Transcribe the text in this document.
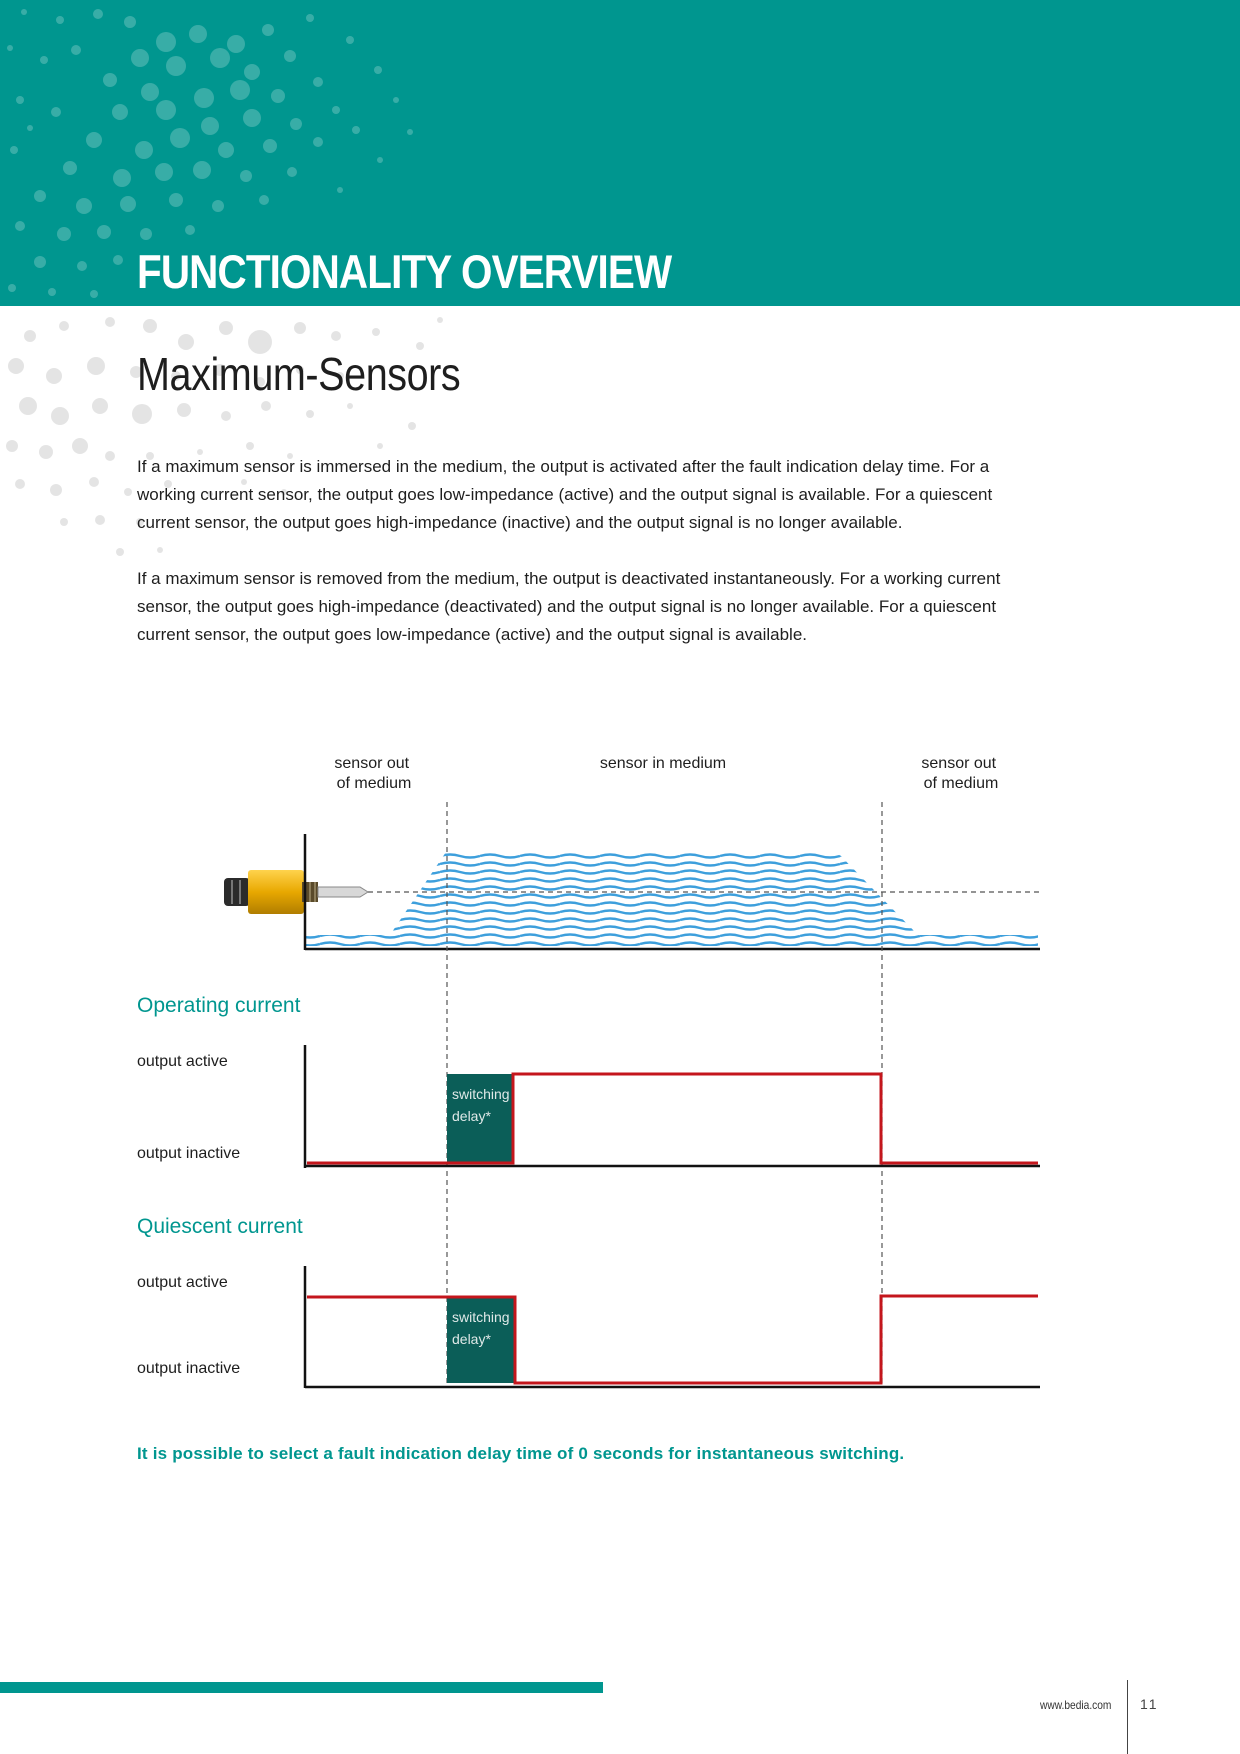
FUNCTIONALITY OVERVIEW
Maximum-Sensors

If a maximum sensor is immersed in the medium, the output is activated after the fault indication delay time. For a working current sensor, the output goes low-impedance (active) and the output signal is available. For a quiescent current sensor, the output goes high-impedance (inactive) and the output signal is no longer available.

If a maximum sensor is removed from the medium, the output is deactivated instantaneously. For a working current sensor, the output goes high-impedance (deactivated) and the output signal is no longer available. For a quiescent current sensor, the output goes low-impedance (active) and the output signal is available.

sensor out of medium
sensor in medium	sensor out of medium
Operating current
output active
output inactive
switching delay*
Quiescent current
output active
output inactive
switching delay*
It is possible to select a fault indication delay time of 0 seconds for instantaneous switching.
www.bedia.com 11
